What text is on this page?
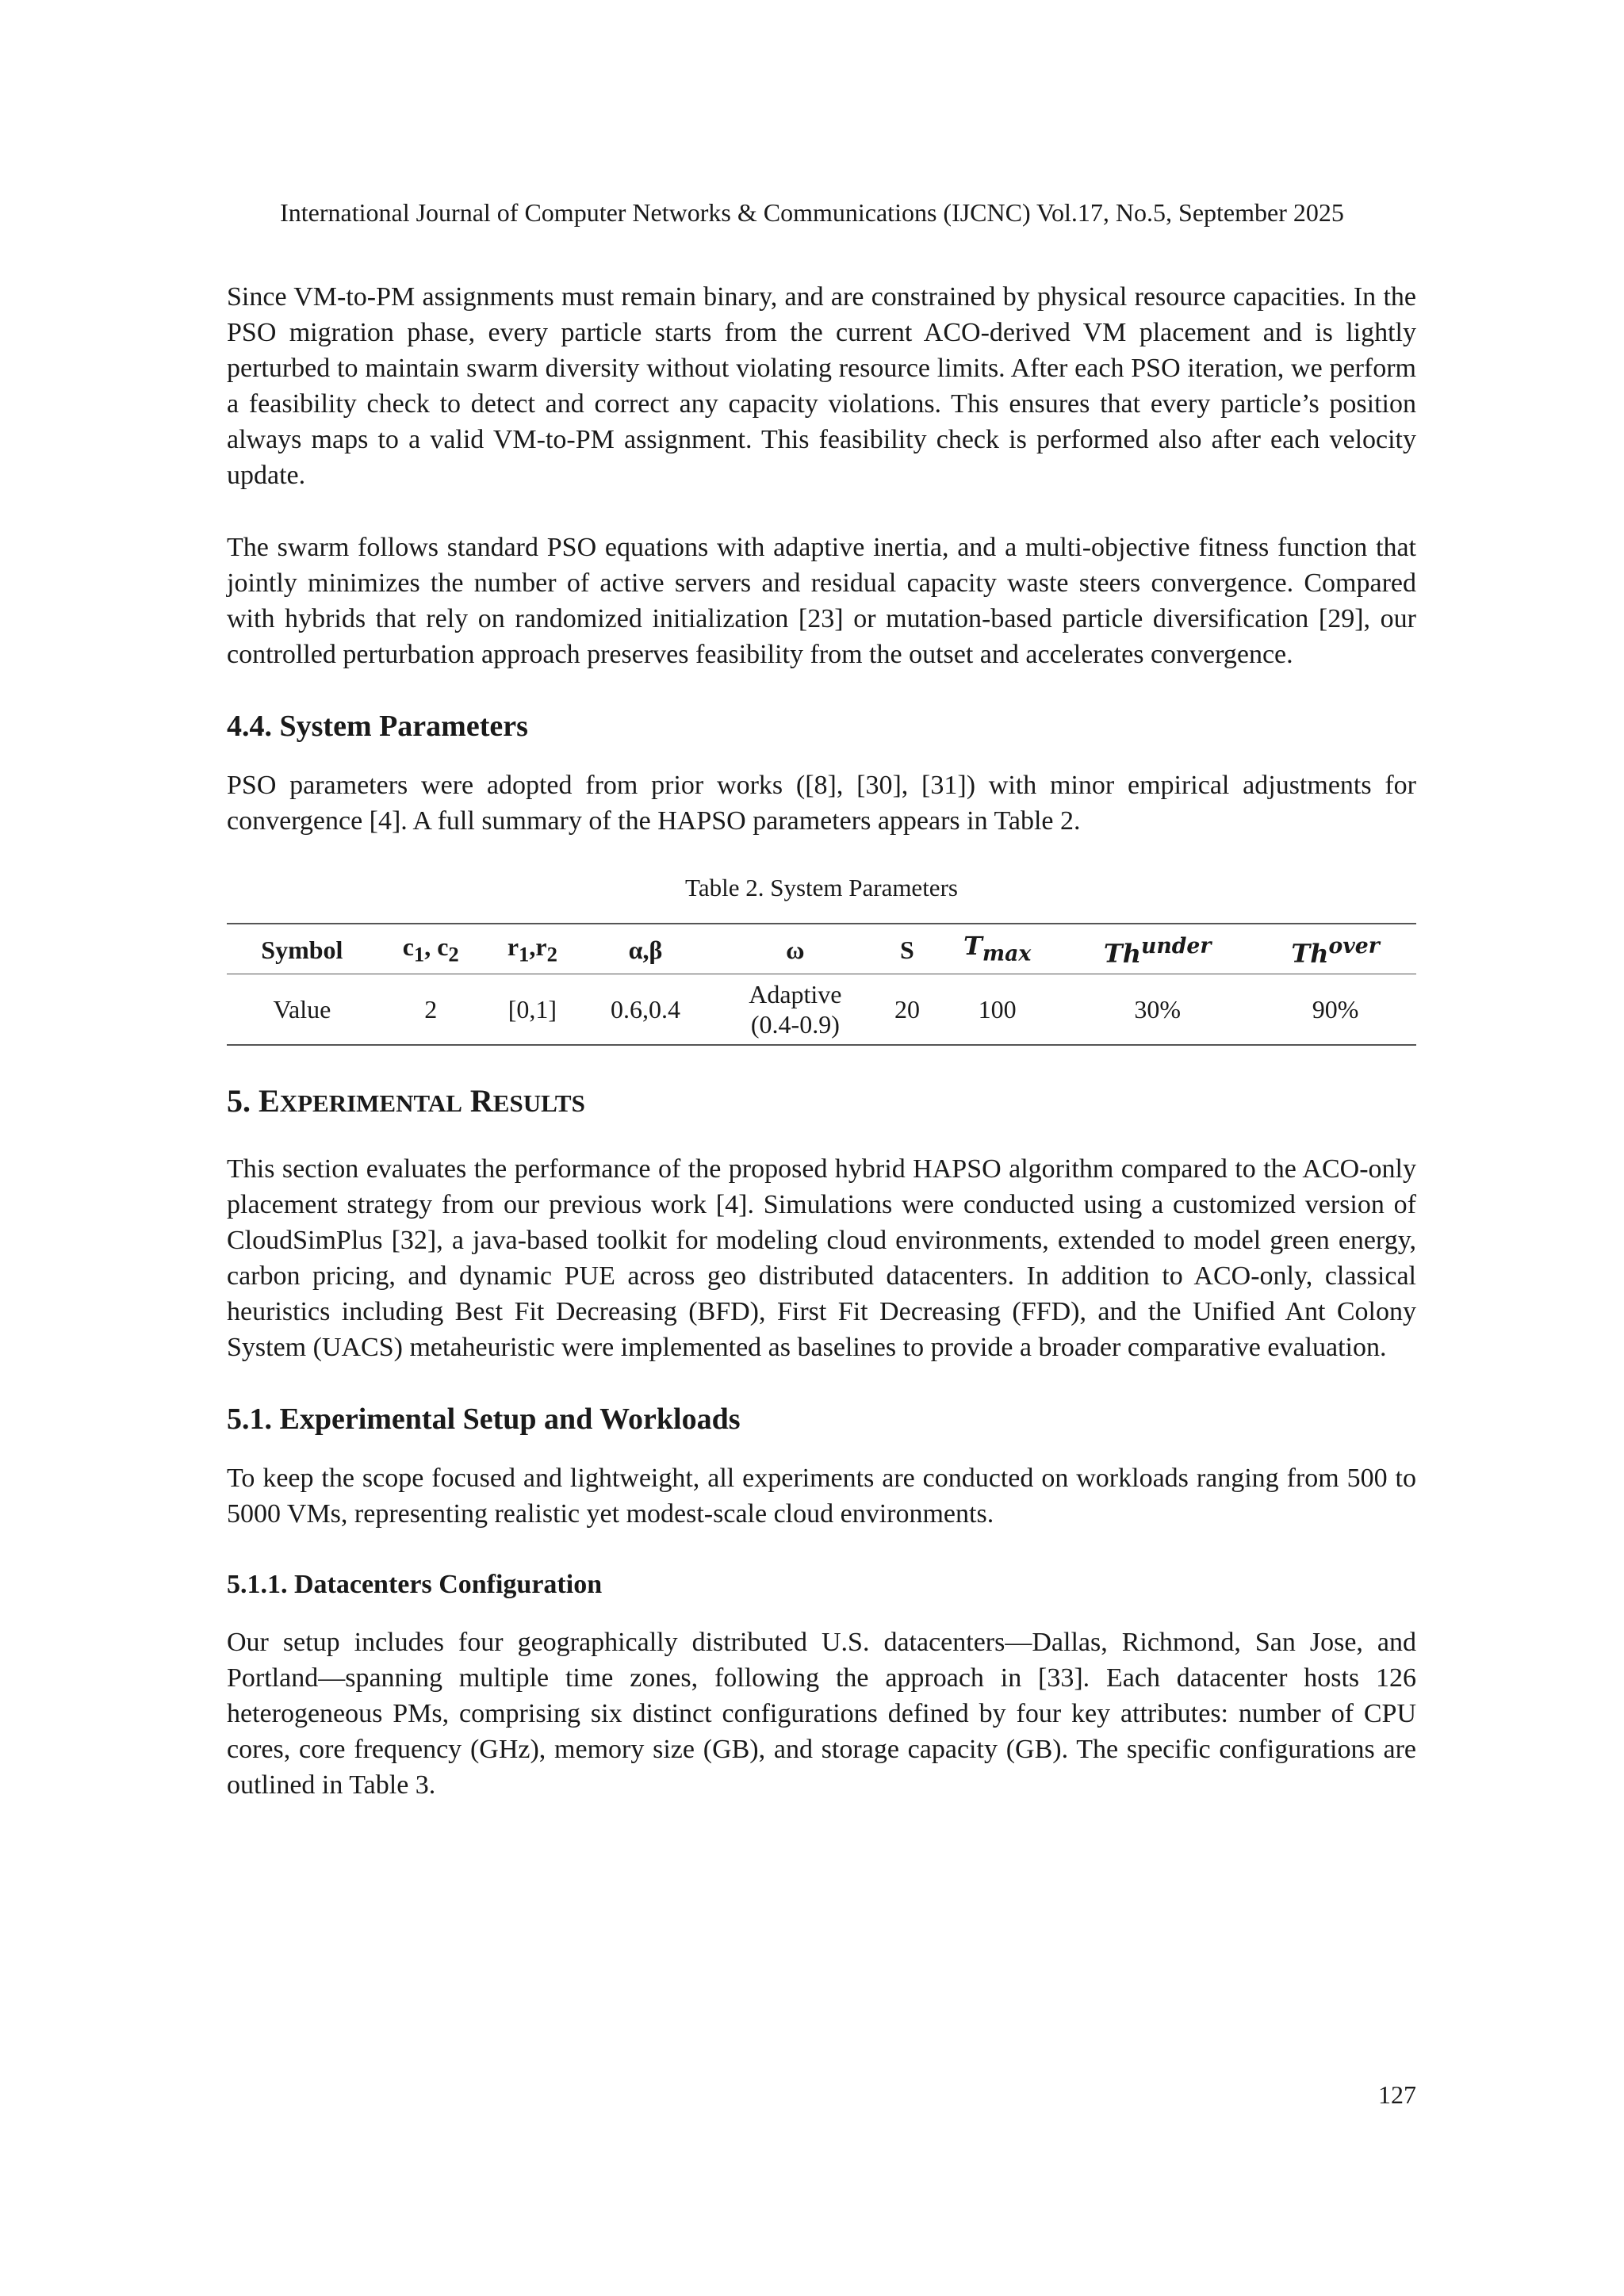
International Journal of Computer Networks & Communications (IJCNC) Vol.17, No.5, September 2025

Since VM-to-PM assignments must remain binary, and are constrained by physical resource capacities. In the PSO migration phase, every particle starts from the current ACO-derived VM placement and is lightly perturbed to maintain swarm diversity without violating resource limits. After each PSO iteration, we perform a feasibility check to detect and correct any capacity violations. This ensures that every particle’s position always maps to a valid VM-to-PM assignment. This feasibility check is performed also after each velocity update.

The swarm follows standard PSO equations with adaptive inertia, and a multi-objective fitness function that jointly minimizes the number of active servers and residual capacity waste steers convergence. Compared with hybrids that rely on randomized initialization [23] or mutation-based particle diversification [29], our controlled perturbation approach preserves feasibility from the outset and accelerates convergence.

4.4. System Parameters

PSO parameters were adopted from prior works ([8], [30], [31]) with minor empirical adjustments for convergence [4]. A full summary of the HAPSO parameters appears in Table 2.

Table 2. System Parameters
Symbol	$c_1$, $c_2$	$r_1,r_2$	α,β	ω	S	$T_{max}$	$Th^{under}$	$Th^{over}$
Value	2	[0,1]	0.6,0.4	Adaptive
(0.4-0.9)	20	100	30%	90%
5. EXPERIMENTAL RESULTS

This section evaluates the performance of the proposed hybrid HAPSO algorithm compared to the ACO-only placement strategy from our previous work [4]. Simulations were conducted using a customized version of CloudSimPlus [32], a java-based toolkit for modeling cloud environments, extended to model green energy, carbon pricing, and dynamic PUE across geo distributed datacenters. In addition to ACO-only, classical heuristics including Best Fit Decreasing (BFD), First Fit Decreasing (FFD), and the Unified Ant Colony System (UACS) metaheuristic were implemented as baselines to provide a broader comparative evaluation.

5.1. Experimental Setup and Workloads

To keep the scope focused and lightweight, all experiments are conducted on workloads ranging from 500 to 5000 VMs, representing realistic yet modest-scale cloud environments.

5.1.1. Datacenters Configuration

Our setup includes four geographically distributed U.S. datacenters—Dallas, Richmond, San Jose, and Portland—spanning multiple time zones, following the approach in [33]. Each datacenter hosts 126 heterogeneous PMs, comprising six distinct configurations defined by four key attributes: number of CPU cores, core frequency (GHz), memory size (GB), and storage capacity (GB). The specific configurations are outlined in Table 3.

127
